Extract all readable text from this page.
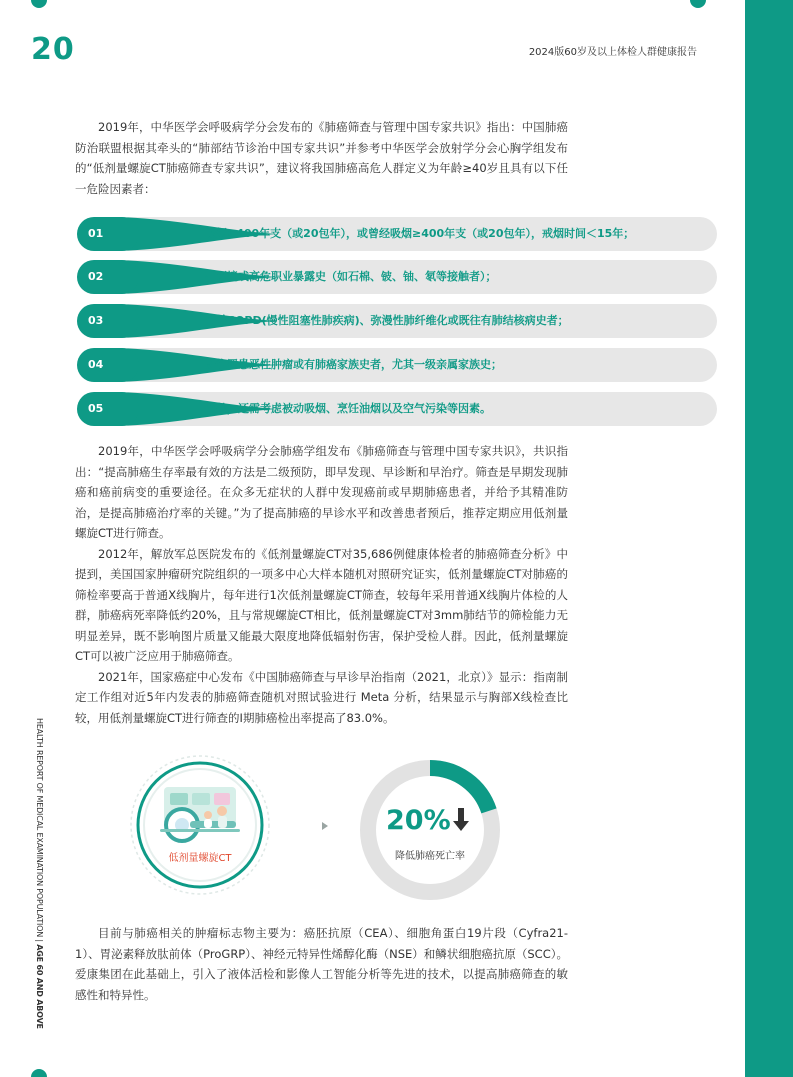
20	2024版60岁及以上体检人群健康报告
HEALTH REPORT OF MEDICAL EXAMINATION POPULATION | AGE 60 AND ABOVE

2019年，中华医学会呼吸病学分会发布的《肺癌筛查与管理中国专家共识》指出：中国肺癌防治联盟根据其牵头的“肺部结节诊治中国专家共识”并参考中华医学会放射学分会心胸学组发布的“低剂量螺旋CT肺癌筛查专家共识”，建议将我国肺癌高危人群定义为年龄≥40岁且具有以下任一危险因素者：

01	吸烟≥400年支（或20包年），或曾经吸烟≥400年支（或20包年），戒烟时间＜15年；
02	有环境或高危职业暴露史（如石棉、铍、铀、氡等接触者）；
03	合并COPD(慢性阻塞性肺疾病)、弥漫性肺纤维化或既往有肺结核病史者；
04	既往罹患恶性肿瘤或有肺癌家族史者，尤其一级亲属家族史；
05	此外，还需考虑被动吸烟、烹饪油烟以及空气污染等因素。

2019年，中华医学会呼吸病学分会肺癌学组发布《肺癌筛查与管理中国专家共识》，共识指出：“提高肺癌生存率最有效的方法是二级预防，即早发现、早诊断和早治疗。筛查是早期发现肺癌和癌前病变的重要途径。在众多无症状的人群中发现癌前或早期肺癌患者，并给予其精准防治，是提高肺癌治疗率的关键。”为了提高肺癌的早诊水平和改善患者预后，推荐定期应用低剂量螺旋CT进行筛查。

2012年，解放军总医院发布的《低剂量螺旋CT对35,686例健康体检者的肺癌筛查分析》中提到，美国国家肿瘤研究院组织的一项多中心大样本随机对照研究证实，低剂量螺旋CT对肺癌的筛检率要高于普通X线胸片，每年进行1次低剂量螺旋CT筛查，较每年采用普通X线胸片体检的人群，肺癌病死率降低约20%，且与常规螺旋CT相比，低剂量螺旋CT对3mm肺结节的筛检能力无明显差异，既不影响图片质量又能最大限度地降低辐射伤害，保护受检人群。因此，低剂量螺旋CT可以被广泛应用于肺癌筛查。

2021年，国家癌症中心发布《中国肺癌筛查与早诊早治指南（2021，北京）》显示：指南制定工作组对近5年内发表的肺癌筛查随机对照试验进行 Meta 分析，结果显示与胸部X线检查比较，用低剂量螺旋CT进行筛查的I期肺癌检出率提高了83.0%。

低剂量螺旋CT
20%
降低肺癌死亡率

目前与肺癌相关的肿瘤标志物主要为：癌胚抗原（CEA）、细胞角蛋白19片段（Cyfra21-1）、胃泌素释放肽前体（ProGRP）、神经元特异性烯醇化酶（NSE）和鳞状细胞癌抗原（SCC）。爱康集团在此基础上，引入了液体活检和影像人工智能分析等先进的技术，以提高肺癌筛查的敏感性和特异性。
